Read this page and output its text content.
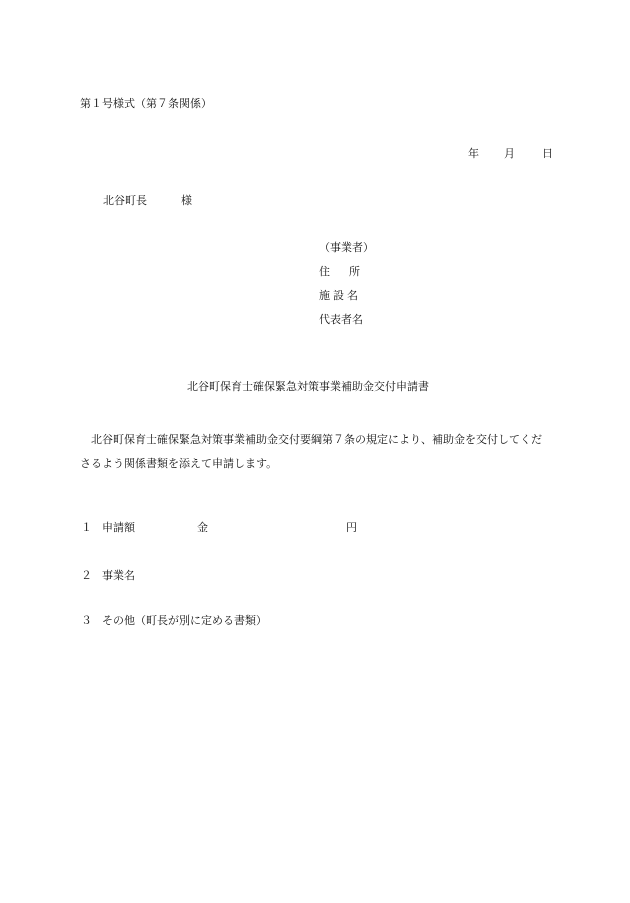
第１号様式（第７条関係）
年 月 日
北谷町長	様
（事業者）
住 所
施 設 名
代表者名
北谷町保育士確保緊急対策事業補助金交付申請書

北谷町保育士確保緊急対策事業補助金交付要綱第７条の規定により、補助金を交付してくださるよう関係書類を添えて申請します。

１ 申請額	金	円
２ 事業名
３ その他（町長が別に定める書類）
